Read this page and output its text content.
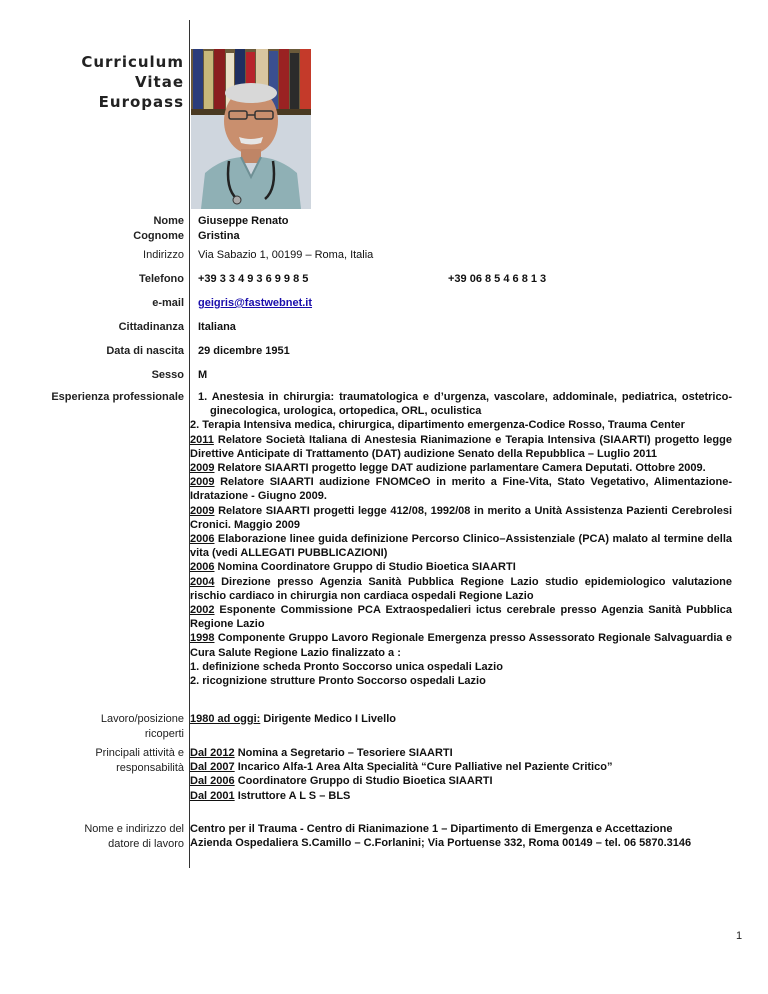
Curriculum
Vitae
Europass
Nome
Cognome
Giuseppe Renato
Gristina
Indirizzo Via Sabazio 1, 00199 – Roma, Italia
Telefono +39 3 3 4 9 3 6 9 9 8 5	+39 06 8 5 4 6 8 1 3
e-mail geigris@fastwebnet.it
Cittadinanza Italiana
Data di nascita 29 dicembre 1951
Sesso M
Esperienza professionale	1. Anestesia in chirurgia: traumatologica e d’urgenza, vascolare, addominale, pediatrica, ostetrico-ginecologica, urologica, ortopedica, ORL, oculistica

2. Terapia Intensiva medica, chirurgica, dipartimento emergenza-Codice Rosso, Trauma Center

2011 Relatore Società Italiana di Anestesia Rianimazione e Terapia Intensiva (SIAARTI) progetto legge Direttive Anticipate di Trattamento (DAT) audizione Senato della Repubblica – Luglio 2011

2009 Relatore SIAARTI progetto legge DAT audizione parlamentare Camera Deputati. Ottobre 2009.

2009 Relatore SIAARTI audizione FNOMCeO in merito a Fine-Vita, Stato Vegetativo, Alimentazione-Idratazione - Giugno 2009.

2009 Relatore SIAARTI progetti legge 412/08, 1992/08 in merito a Unità Assistenza Pazienti Cerebrolesi Cronici. Maggio 2009

2006 Elaborazione linee guida definizione Percorso Clinico–Assistenziale (PCA) malato al termine della vita (vedi ALLEGATI PUBBLICAZIONI)

2006 Nomina Coordinatore Gruppo di Studio Bioetica SIAARTI

2004 Direzione presso Agenzia Sanità Pubblica Regione Lazio studio epidemiologico valutazione rischio cardiaco in chirurgia non cardiaca ospedali Regione Lazio

2002 Esponente Commissione PCA Extraospedalieri ictus cerebrale presso Agenzia Sanità Pubblica Regione Lazio

1998 Componente Gruppo Lavoro Regionale Emergenza presso Assessorato Regionale Salvaguardia e Cura Salute Regione Lazio finalizzato a :

1. definizione scheda Pronto Soccorso unica ospedali Lazio

2. ricognizione strutture Pronto Soccorso ospedali Lazio

Lavoro/posizione
ricoperti
1980 ad oggi: Dirigente Medico I Livello
Principali attività e
responsabilità

Dal 2012 Nomina a Segretario – Tesoriere SIAARTI

Dal 2007 Incarico Alfa-1 Area Alta Specialità “Cure Palliative nel Paziente Critico”

Dal 2006 Coordinatore Gruppo di Studio Bioetica SIAARTI

Dal 2001 Istruttore A L S – BLS

Nome e indirizzo del
datore di lavoro

Centro per il Trauma - Centro di Rianimazione 1 – Dipartimento di Emergenza e Accettazione

Azienda Ospedaliera S.Camillo – C.Forlanini; Via Portuense 332, Roma 00149 – tel. 06 5870.3146

1
